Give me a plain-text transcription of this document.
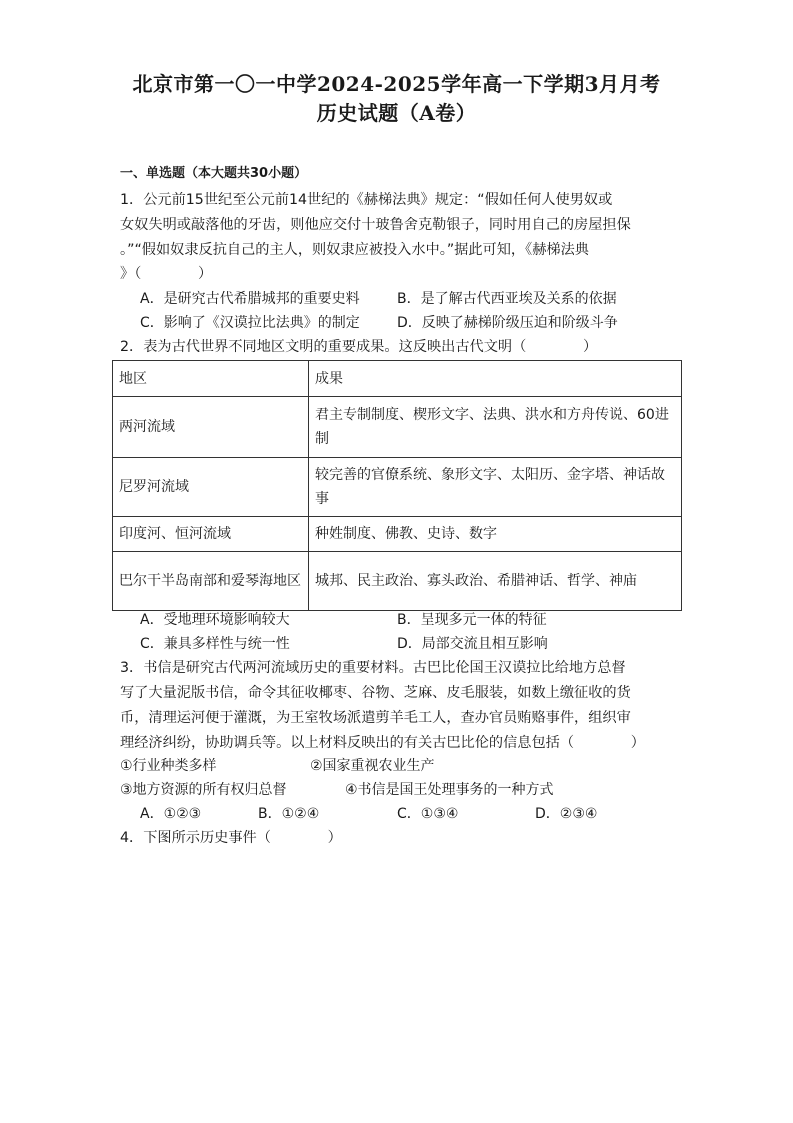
北京市第一〇一中学2024-2025学年高一下学期3月月考
历史试题（A卷）
一、单选题（本大题共30小题）
1．公元前15世纪至公元前14世纪的《赫梯法典》规定：“假如任何人使男奴或
女奴失明或敲落他的牙齿，则他应交付十玻鲁舍克勒银子，同时用自己的房屋担保
。”“假如奴隶反抗自己的主人，则奴隶应被投入水中。”据此可知，《赫梯法典
》（　　　　）
A．是研究古代希腊城邦的重要史料	B．是了解古代西亚埃及关系的依据
C．影响了《汉谟拉比法典》的制定	D．反映了赫梯阶级压迫和阶级斗争
2．表为古代世界不同地区文明的重要成果。这反映出古代文明（　　　　）
地区	成果
两河流域	君主专制制度、楔形文字、法典、洪水和方舟传说、60进制
尼罗河流域	较完善的官僚系统、象形文字、太阳历、金字塔、神话故事
印度河、恒河流域	种姓制度、佛教、史诗、数字
巴尔干半岛南部和爱琴海地区	城邦、民主政治、寡头政治、希腊神话、哲学、神庙
A．受地理环境影响较大	B．呈现多元一体的特征
C．兼具多样性与统一性	D．局部交流且相互影响
3．书信是研究古代两河流域历史的重要材料。古巴比伦国王汉谟拉比给地方总督
写了大量泥版书信，命令其征收椰枣、谷物、芝麻、皮毛服装，如数上缴征收的货
币，清理运河便于灌溉，为王室牧场派遣剪羊毛工人，查办官员贿赂事件，组织审
理经济纠纷，协助调兵等。以上材料反映出的有关古巴比伦的信息包括（　　　　）
①行业种类多样	②国家重视农业生产
③地方资源的所有权归总督	④书信是国王处理事务的一种方式
A．①②③	B．①②④	C．①③④	D．②③④
4．下图所示历史事件（　　　　）
